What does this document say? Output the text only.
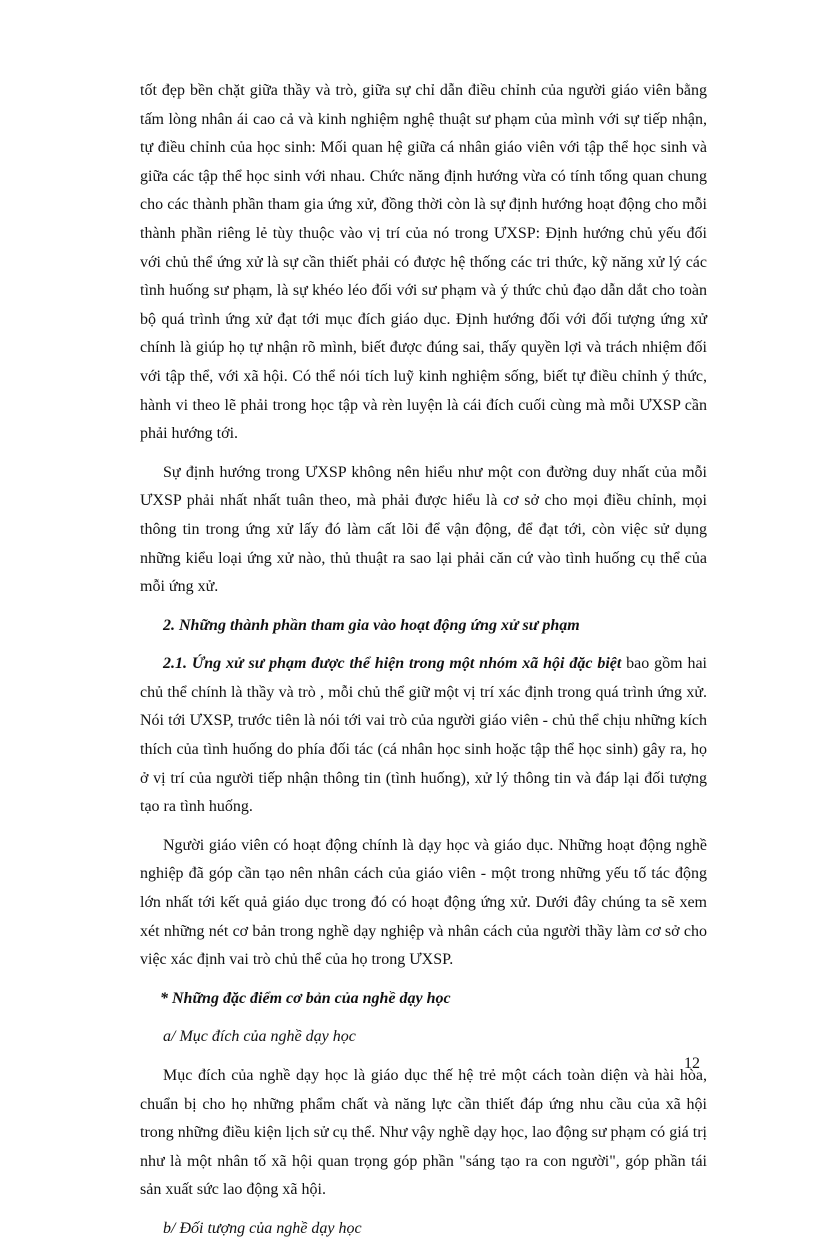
tốt đẹp bền chặt giữa thầy và trò, giữa sự chỉ dẫn điều chỉnh của người giáo viên bằng tấm lòng nhân ái cao cả và kinh nghiệm nghệ thuật sư phạm của mình với sự tiếp nhận, tự điều chỉnh của học sinh: Mối quan hệ giữa cá nhân giáo viên với tập thể học sinh và giữa các tập thể học sinh với nhau. Chức năng định hướng vừa có tính tổng quan chung cho các thành phần tham gia ứng xử, đồng thời còn là sự định hướng hoạt động cho mỗi thành phần riêng lẻ tùy thuộc vào vị trí của nó trong ƯXSP: Định hướng chủ yếu đối với chủ thể ứng xử là sự cần thiết phải có được hệ thống các tri thức, kỹ năng xử lý các tình huống sư phạm, là sự khéo léo đối với sư phạm và ý thức chủ đạo dẫn dắt cho toàn bộ quá trình ứng xử đạt tới mục đích giáo dục. Định hướng đối với đối tượng ứng xử chính là giúp họ tự nhận rõ mình, biết được đúng sai, thấy quyền lợi và trách nhiệm đối với tập thể, với xã hội. Có thể nói tích luỹ kinh nghiệm sống, biết tự điều chỉnh ý thức, hành vi theo lẽ phải trong học tập và rèn luyện là cái đích cuối cùng mà mỗi ƯXSP cần phải hướng tới.

Sự định hướng trong ƯXSP không nên hiểu như một con đường duy nhất của mỗi ƯXSP phải nhất nhất tuân theo, mà phải được hiểu là cơ sở cho mọi điều chỉnh, mọi thông tin trong ứng xử lấy đó làm cất lõi để vận động, để đạt tới, còn việc sử dụng những kiểu loại ứng xử nào, thủ thuật ra sao lại phải căn cứ vào tình huống cụ thể của mỗi ứng xử.

2. Những thành phần tham gia vào hoạt động ứng xử sư phạm

2.1. Ứng xử sư phạm được thể hiện trong một nhóm xã hội đặc biệt bao gồm hai chủ thể chính là thầy và trò , mỗi chủ thể giữ một vị trí xác định trong quá trình ứng xử. Nói tới ƯXSP, trước tiên là nói tới vai trò của người giáo viên - chủ thể chịu những kích thích của tình huống do phía đối tác (cá nhân học sinh hoặc tập thể học sinh) gây ra, họ ở vị trí của người tiếp nhận thông tin (tình huống), xử lý thông tin và đáp lại đối tượng tạo ra tình huống.

Người giáo viên có hoạt động chính là dạy học và giáo dục. Những hoạt động nghề nghiệp đã góp cần tạo nên nhân cách của giáo viên - một trong những yếu tố tác động lớn nhất tới kết quả giáo dục trong đó có hoạt động ứng xử. Dưới đây chúng ta sẽ xem xét những nét cơ bản trong nghề dạy nghiệp và nhân cách của người thầy làm cơ sở cho việc xác định vai trò chủ thể của họ trong ƯXSP.

* Những đặc điểm cơ bản của nghề dạy học

a/ Mục đích của nghề dạy học

Mục đích của nghề dạy học là giáo dục thế hệ trẻ một cách toàn diện và hài hòa, chuẩn bị cho họ những phẩm chất và năng lực cần thiết đáp ứng nhu cầu của xã hội trong những điều kiện lịch sử cụ thể. Như vậy nghề dạy học, lao động sư phạm có giá trị như là một nhân tố xã hội quan trọng góp phần "sáng tạo ra con người", góp phần tái sản xuất sức lao động xã hội.

b/ Đối tượng của nghề dạy học

12
